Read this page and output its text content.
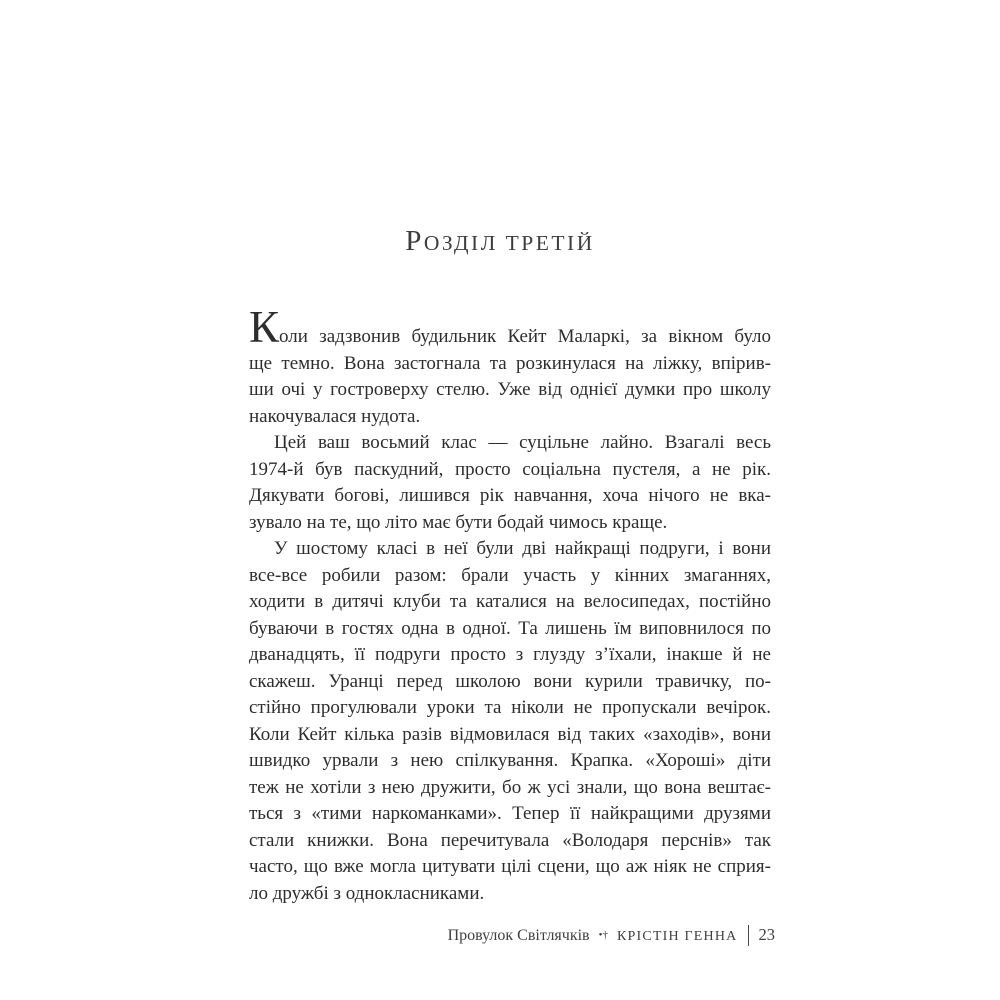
РОЗДІЛ ТРЕТІЙ
Коли задзвонив будильник Кейт Маларкі, за вікном було
ще темно. Вона застогнала та розкинулася на ліжку, впірив-
ши очі у гостроверху стелю. Уже від однієї думки про школу
накочувалася нудота.
Цей ваш восьмий клас — суцільне лайно. Взагалі весь
1974-й був паскудний, просто соціальна пустеля, а не рік.
Дякувати богові, лишився рік навчання, хоча нічого не вка-
зувало на те, що літо має бути бодай чимось краще.
У шостому класі в неї були дві найкращі подруги, і вони
все-все робили разом: брали участь у кінних змаганнях,
ходити в дитячі клуби та каталися на велосипедах, постійно
буваючи в гостях одна в одної. Та лишень їм виповнилося по
дванадцять, її подруги просто з глузду з’їхали, інакше й не
скажеш. Уранці перед школою вони курили травичку, по-
стійно прогулювали уроки та ніколи не пропускали вечірок.
Коли Кейт кілька разів відмовилася від таких «заходів», вони
швидко урвали з нею спілкування. Крапка. «Хороші» діти
теж не хотіли з нею дружити, бо ж усі знали, що вона вештає-
ться з «тими наркоманками». Тепер її найкращими друзями
стали книжки. Вона перечитувала «Володаря перснів» так
часто, що вже могла цитувати цілі сцени, що аж ніяк не сприя-
ло дружбі з однокласниками.
Провулок Світлячків •† КРІСТІН ГЕННА 23
